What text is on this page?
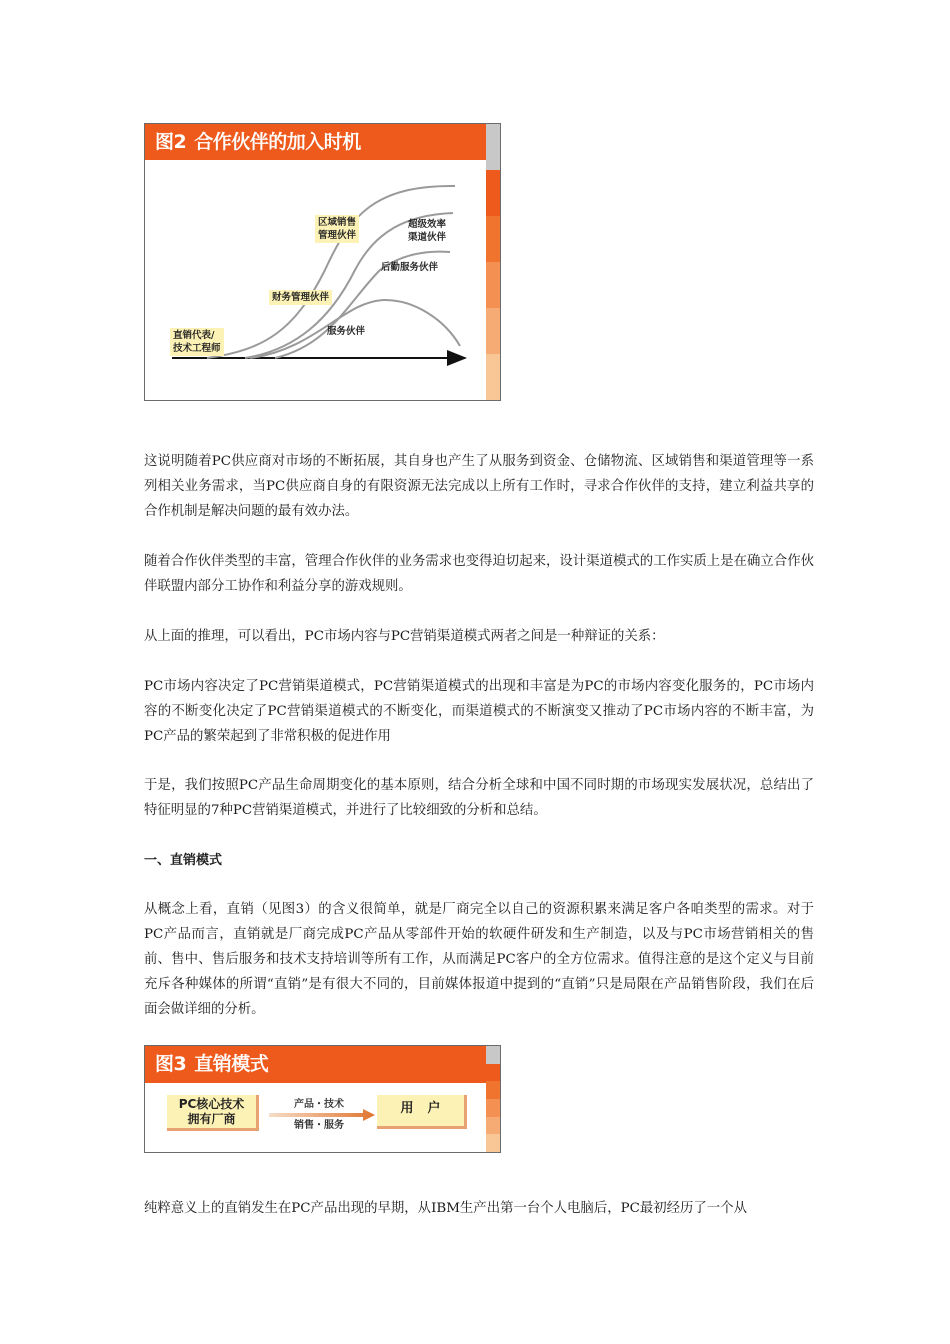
图2 合作伙伴的加入时机
直销代表/
技术工程师
财务管理伙伴
区域销售
管理伙伴
超级效率
渠道伙伴
后勤服务伙伴
服务伙伴

这说明随着PC供应商对市场的不断拓展，其自身也产生了从服务到资金、仓储物流、区域销售和渠道管理等一系列相关业务需求，当PC供应商自身的有限资源无法完成以上所有工作时，寻求合作伙伴的支持，建立利益共享的合作机制是解决问题的最有效办法。

随着合作伙伴类型的丰富，管理合作伙伴的业务需求也变得迫切起来，设计渠道模式的工作实质上是在确立合作伙伴联盟内部分工协作和利益分享的游戏规则。

从上面的推理，可以看出，PC市场内容与PC营销渠道模式两者之间是一种辩证的关系：

PC市场内容决定了PC营销渠道模式，PC营销渠道模式的出现和丰富是为PC的市场内容变化服务的，PC市场内容的不断变化决定了PC营销渠道模式的不断变化，而渠道模式的不断演变又推动了PC市场内容的不断丰富，为PC产品的繁荣起到了非常积极的促进作用

于是，我们按照PC产品生命周期变化的基本原则，结合分析全球和中国不同时期的市场现实发展状况，总结出了特征明显的7种PC营销渠道模式，并进行了比较细致的分析和总结。

一、直销模式

从概念上看，直销（见图3）的含义很简单，就是厂商完全以自己的资源积累来满足客户各咱类型的需求。对于PC产品而言，直销就是厂商完成PC产品从零部件开始的软硬件研发和生产制造，以及与PC市场营销相关的售前、售中、售后服务和技术支持培训等所有工作，从而满足PC客户的全方位需求。值得注意的是这个定义与目前充斥各种媒体的所谓“直销”是有很大不同的，目前媒体报道中提到的“直销”只是局限在产品销售阶段，我们在后面会做详细的分析。

图3 直销模式
PC核心技术
拥有厂商
产品・技术
销售・服务
用户

纯粹意义上的直销发生在PC产品出现的早期，从IBM生产出第一台个人电脑后，PC最初经历了一个从
